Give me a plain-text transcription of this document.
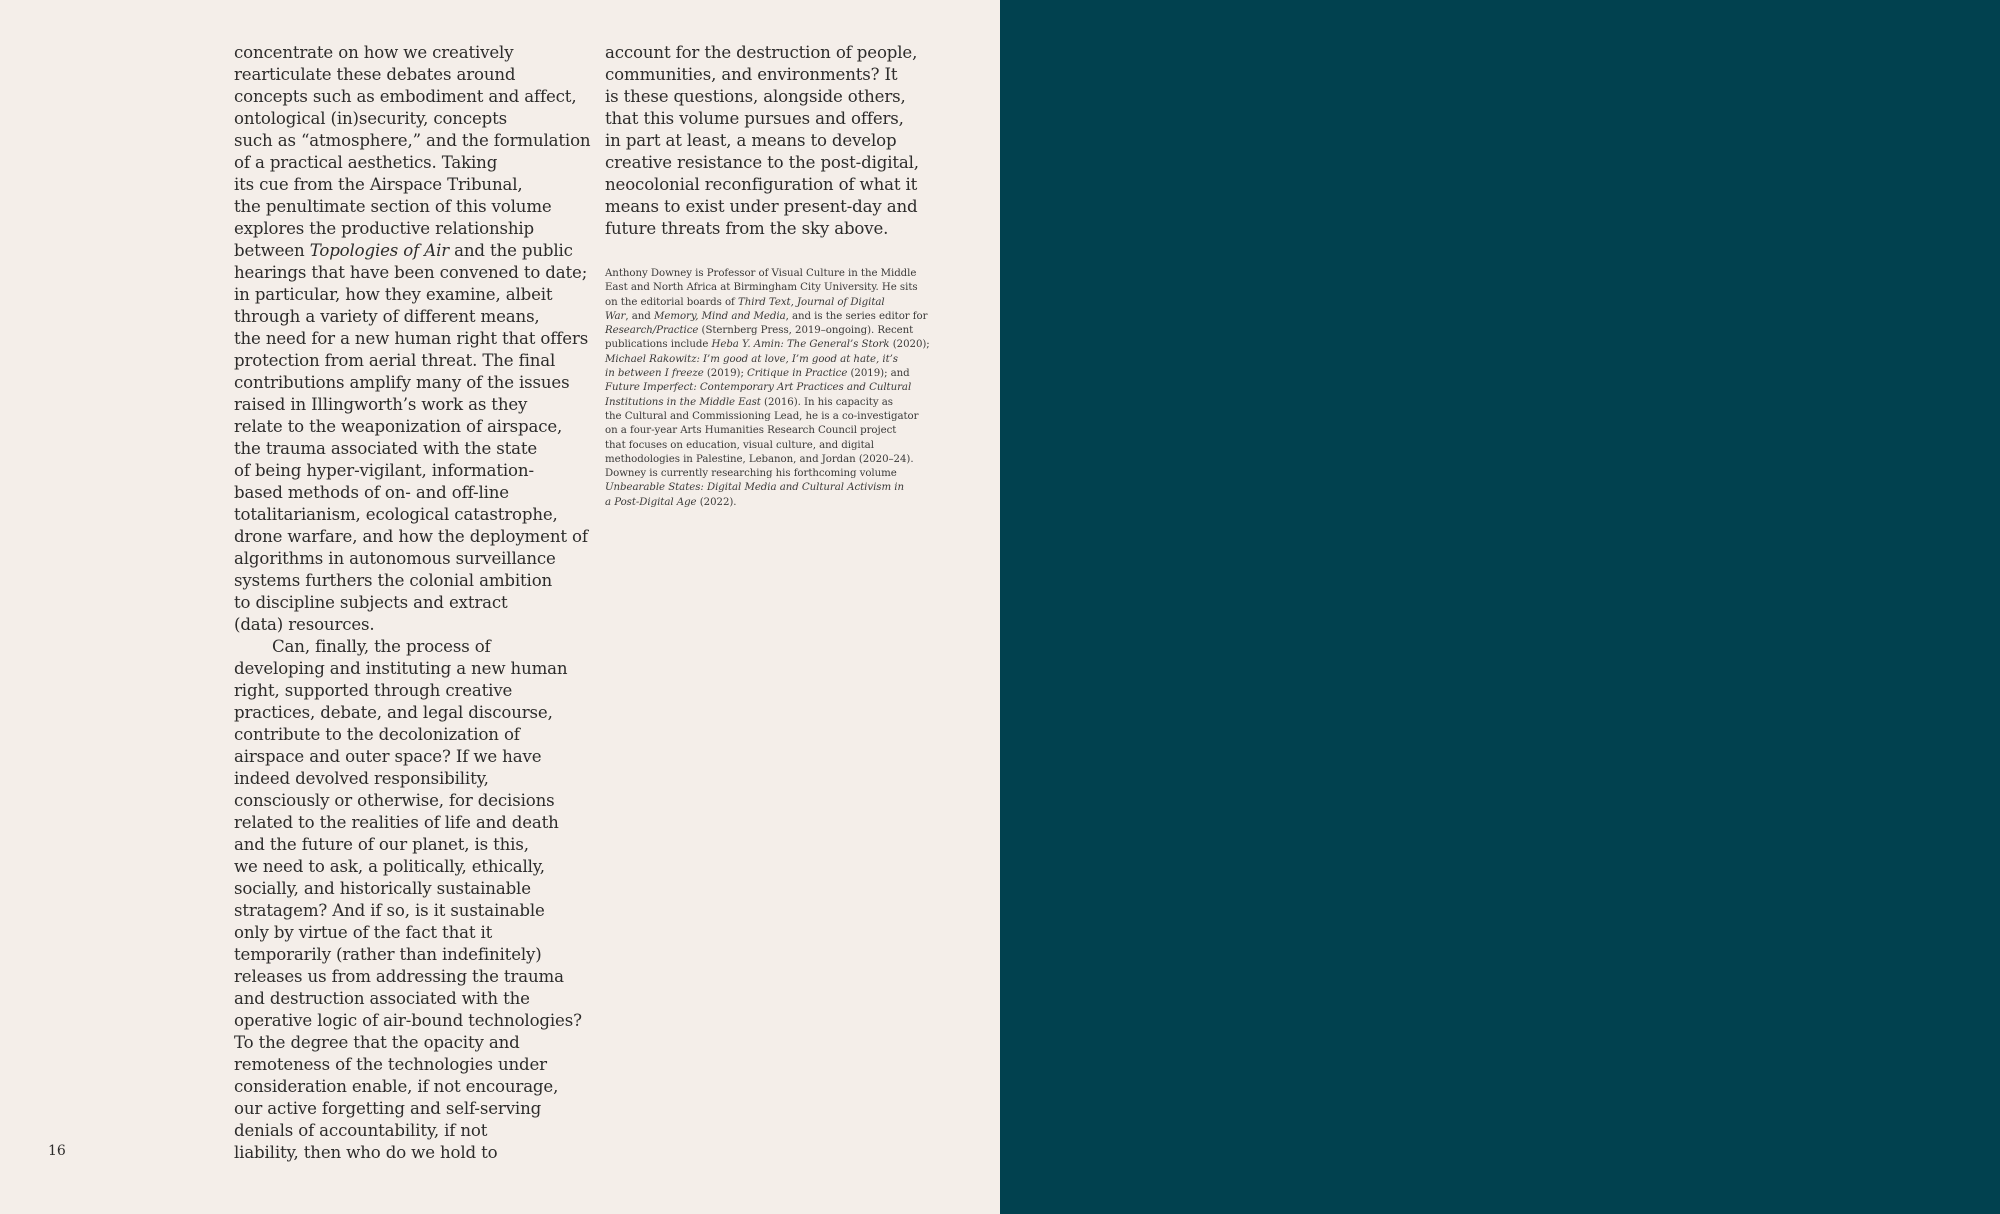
concentrate on how we creatively
rearticulate these debates around
concepts such as embodiment and affect,
ontological (in)security, concepts
such as “atmosphere,” and the formulation
of a practical aesthetics. Taking
its cue from the Airspace Tribunal,
the penultimate section of this volume
explores the productive relationship
between Topologies of Air and the public
hearings that have been convened to date;
in particular, how they examine, albeit
through a variety of different means,
the need for a new human right that offers
protection from aerial threat. The final
contributions amplify many of the issues
raised in Illingworth’s work as they
relate to the weaponization of airspace,
the trauma associated with the state
of being hyper-vigilant, information-
based methods of on- and off-line
totalitarianism, ecological catastrophe,
drone warfare, and how the deployment of
algorithms in autonomous surveillance
systems furthers the colonial ambition
to discipline subjects and extract
(data) resources.
Can, finally, the process of
developing and instituting a new human
right, supported through creative
practices, debate, and legal discourse,
contribute to the decolonization of
airspace and outer space? If we have
indeed devolved responsibility,
consciously or otherwise, for decisions
related to the realities of life and death
and the future of our planet, is this,
we need to ask, a politically, ethically,
socially, and historically sustainable
stratagem? And if so, is it sustainable
only by virtue of the fact that it
temporarily (rather than indefinitely)
releases us from addressing the trauma
and destruction associated with the
operative logic of air-bound technologies?
To the degree that the opacity and
remoteness of the technologies under
consideration enable, if not encourage,
our active forgetting and self-serving
denials of accountability, if not
liability, then who do we hold to
account for the destruction of people,
communities, and environments? It
is these questions, alongside others,
that this volume pursues and offers,
in part at least, a means to develop
creative resistance to the post-digital,
neocolonial reconfiguration of what it
means to exist under present-day and
future threats from the sky above.
Anthony Downey is Professor of Visual Culture in the Middle
East and North Africa at Birmingham City University. He sits
on the editorial boards of Third Text, Journal of Digital
War, and Memory, Mind and Media, and is the series editor for
Research/Practice (Sternberg Press, 2019–ongoing). Recent
publications include Heba Y. Amin: The General’s Stork (2020);
Michael Rakowitz: I’m good at love, I’m good at hate, it’s
in between I freeze (2019); Critique in Practice (2019); and
Future Imperfect: Contemporary Art Practices and Cultural
Institutions in the Middle East (2016). In his capacity as
the Cultural and Commissioning Lead, he is a co-investigator
on a four-year Arts Humanities Research Council project
that focuses on education, visual culture, and digital
methodologies in Palestine, Lebanon, and Jordan (2020–24).
Downey is currently researching his forthcoming volume
Unbearable States: Digital Media and Cultural Activism in
a Post-Digital Age (2022).
16
